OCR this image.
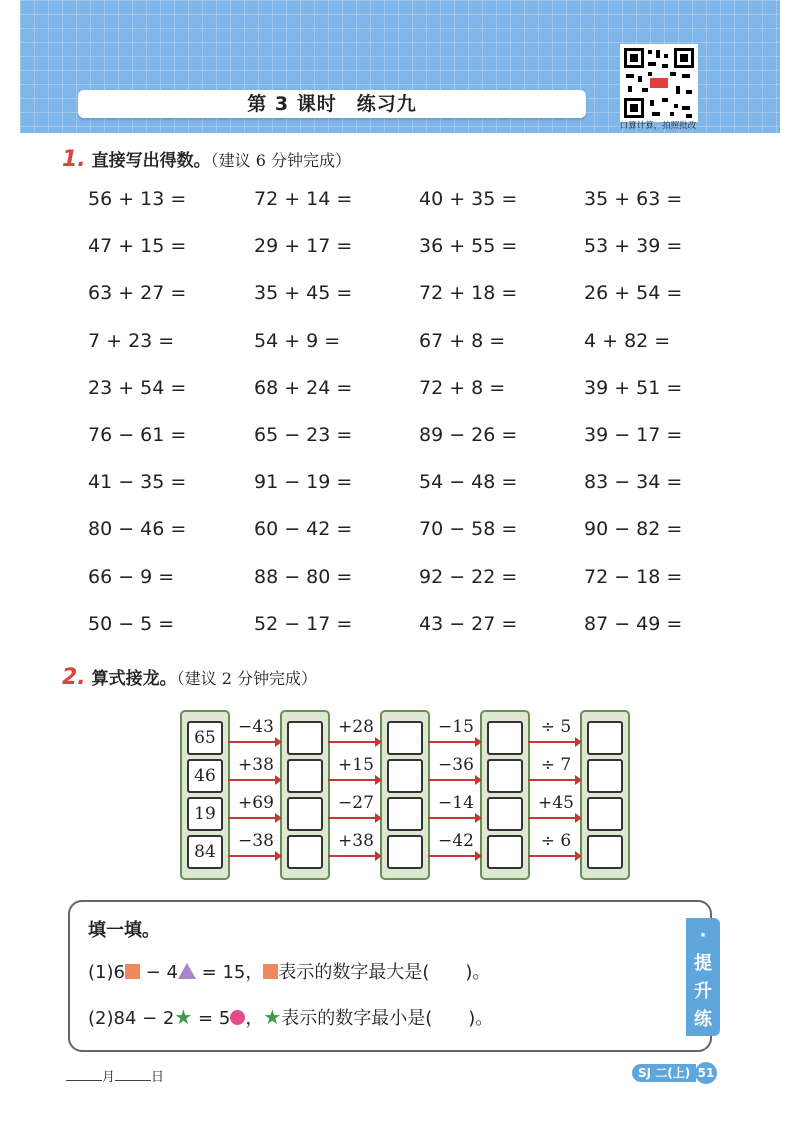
第 3 课时　练习九
口算计算，拍照批改
1. 直接写出得数。（建议 6 分钟完成）
56 + 13 =	72 + 14 =	40 + 35 =	35 + 63 =
47 + 15 =	29 + 17 =	36 + 55 =	53 + 39 =
63 + 27 =	35 + 45 =	72 + 18 =	26 + 54 =
7 + 23 =	54 + 9 =	67 + 8 =	4 + 82 =
23 + 54 =	68 + 24 =	72 + 8 =	39 + 51 =
76 − 61 =	65 − 23 =	89 − 26 =	39 − 17 =
41 − 35 =	91 − 19 =	54 − 48 =	83 − 34 =
80 − 46 =	60 − 42 =	70 − 58 =	90 − 82 =
66 − 9 =	88 − 80 =	92 − 22 =	72 − 18 =
50 − 5 =	52 − 17 =	43 − 27 =	87 − 49 =
2. 算式接龙。（建议 2 分钟完成）
65
46
19
84
−43	+28	−15	÷ 5
+38	+15	−36	÷ 7
+69	−27	−14	+45
−38	+38	−42	÷ 6
填一填。
(1)6 − 4 = 15， 表示的数字最大是(　　)。
(2)84 − 2★ = 5 ，★表示的数字最小是(　　)。
·提升练·
月	日	SJ 二(上) 51
